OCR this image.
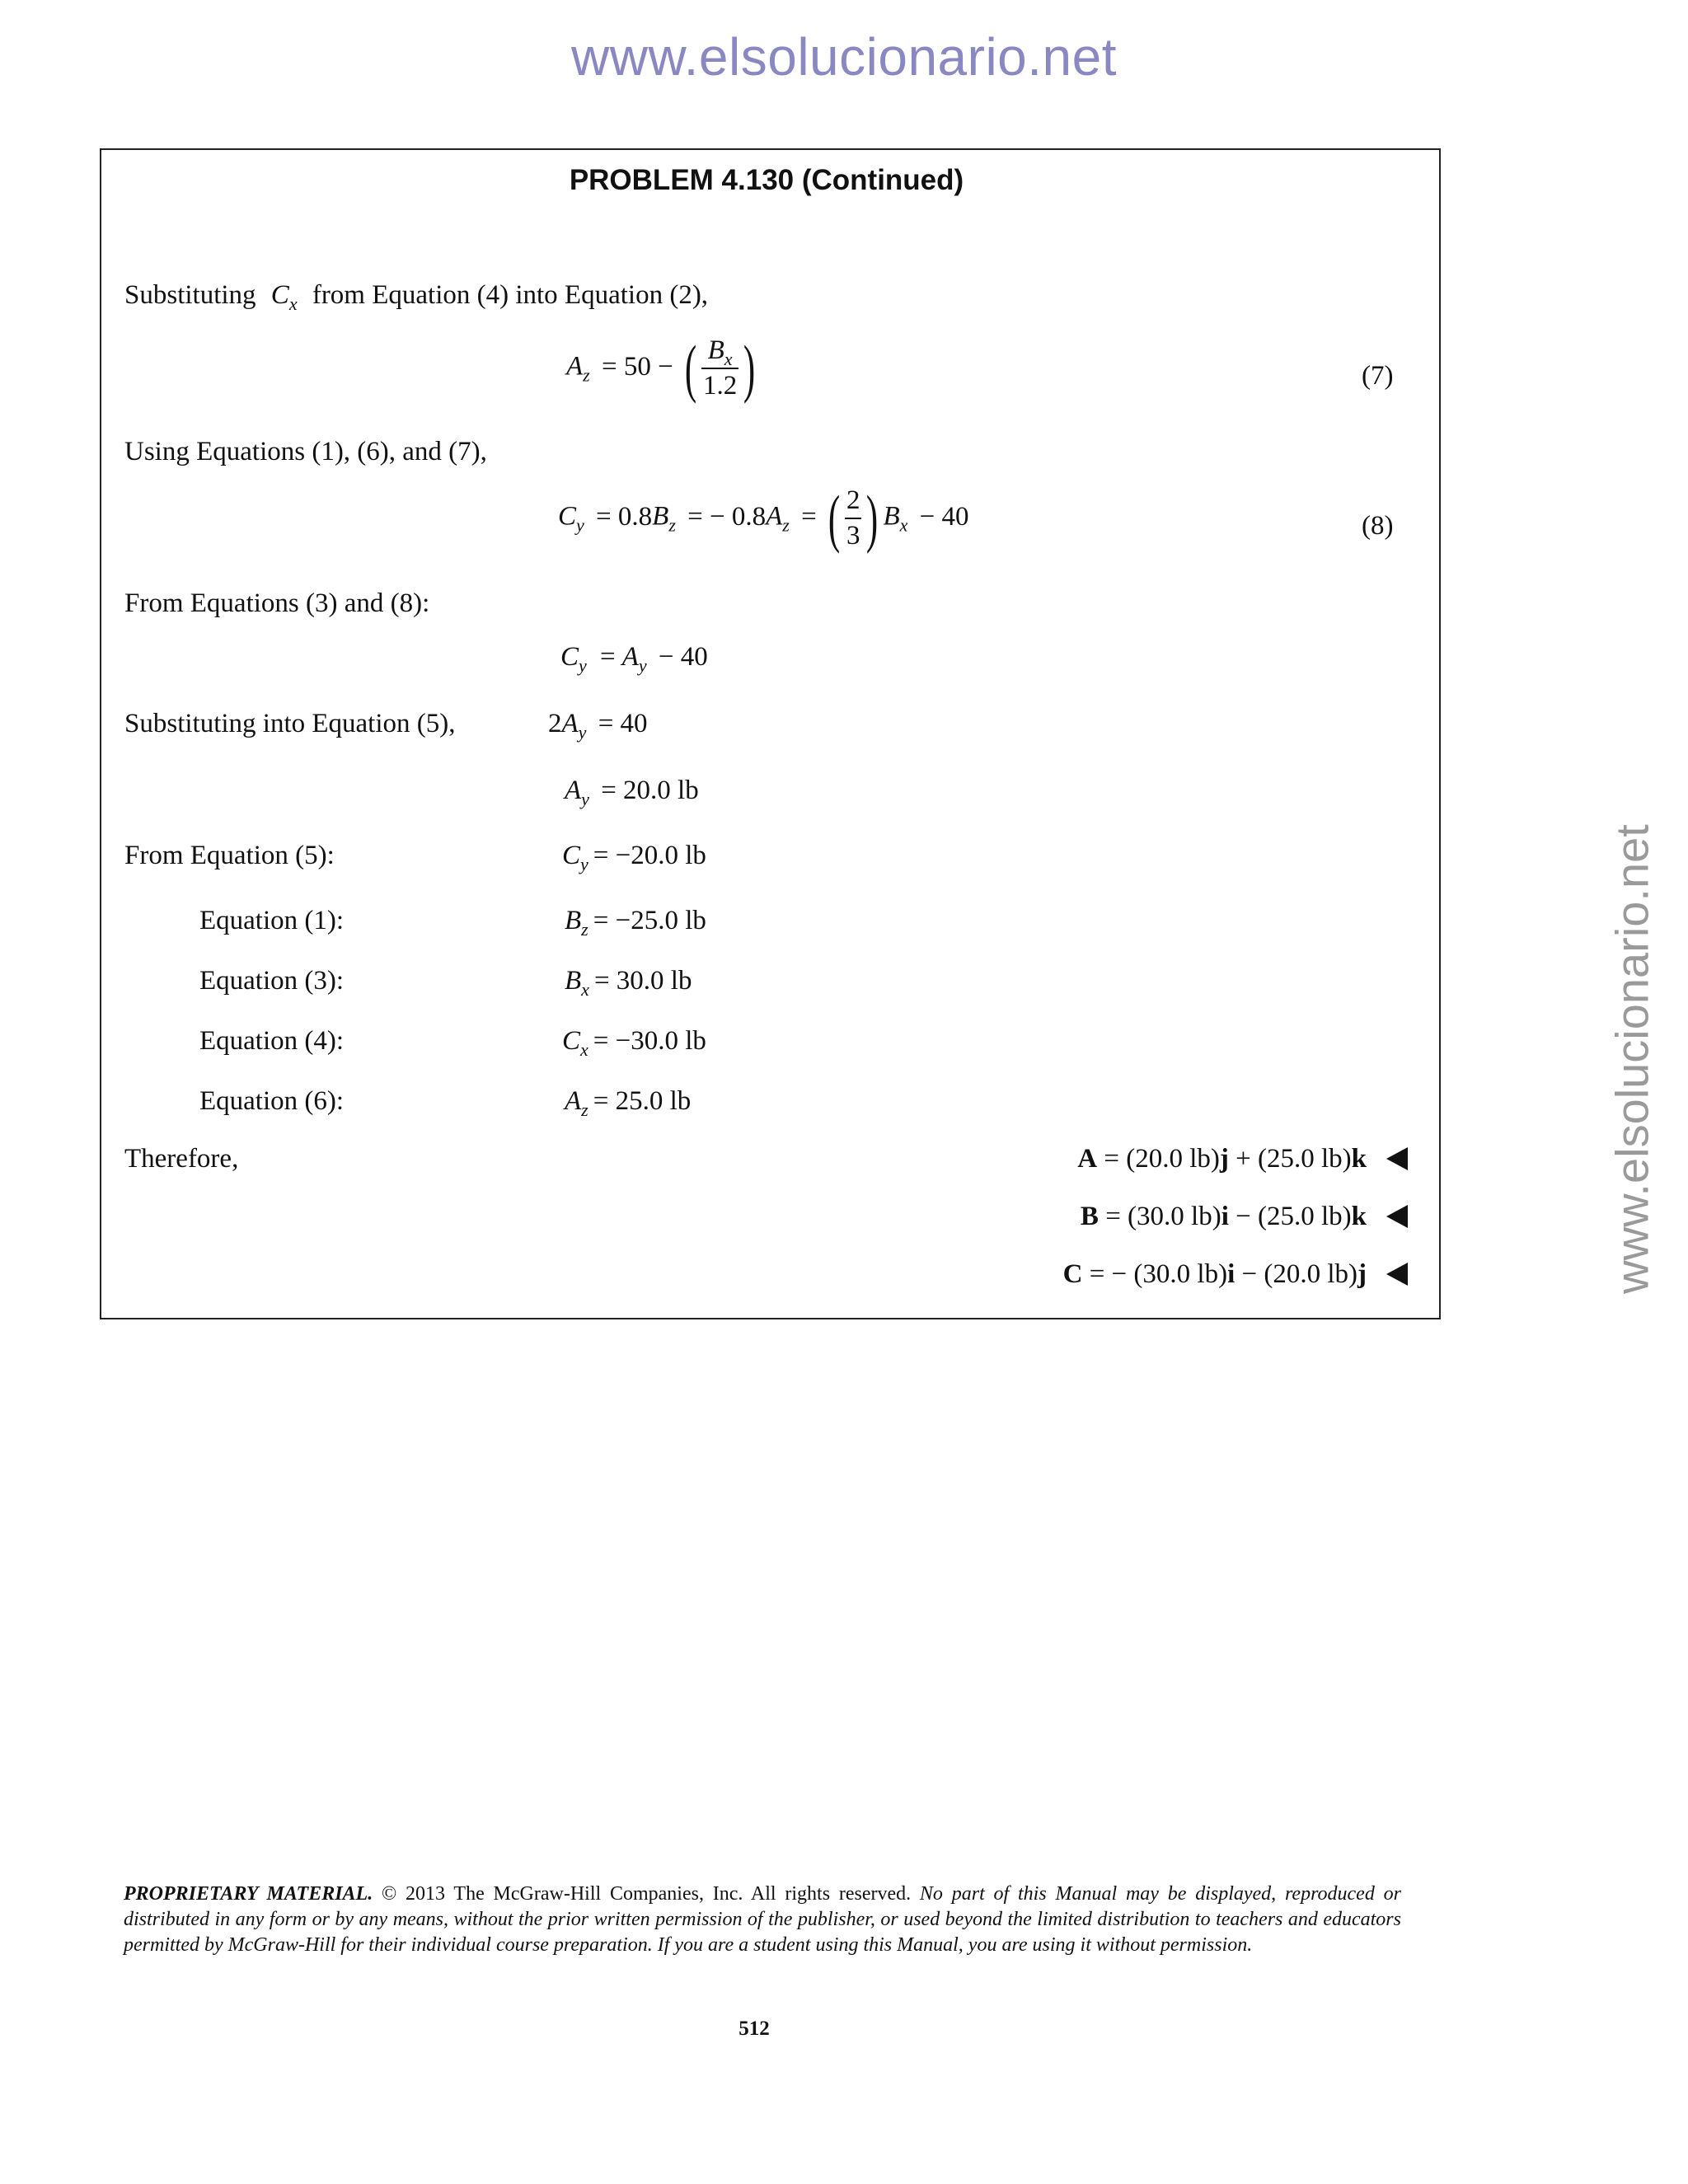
www.elsolucionario.net
www.elsolucionario.net
PROBLEM 4.130 (Continued)
Substituting $C_x$ from Equation (4) into Equation (2),
$A_z = 50$ − ( $\frac{B_x}{1.2}$ )	(7)
Using Equations (1), (6), and (7),
$C_y = 0.8B_z$ = − $0.8A_z$ = ( $\frac{2}{3}$ ) $B_x - 40$	(8)
From Equations (3) and (8):
$C_y = A_y - 40$
Substituting into Equation (5),	$2A_y = 40$
$A_y = 20.0$ lb
From Equation (5):	$C_y = -20.0$ lb
Equation (1):	$B_z = -25.0$ lb
Equation (3):	$B_x = 30.0$ lb
Equation (4):	$C_x = -30.0$ lb
Equation (6):	$A_z = 25.0$ lb
Therefore,	A = (20.0 lb)j + (25.0 lb)k
B = (30.0 lb)i − (25.0 lb)k
C = − (30.0 lb)i − (20.0 lb)j
PROPRIETARY MATERIAL. © 2013 The McGraw-Hill Companies, Inc. All rights reserved. No part of this Manual may be displayed, reproduced or distributed in any form or by any means, without the prior written permission of the publisher, or used beyond the limited distribution to teachers and educators permitted by McGraw-Hill for their individual course preparation. If you are a student using this Manual, you are using it without permission.
512
